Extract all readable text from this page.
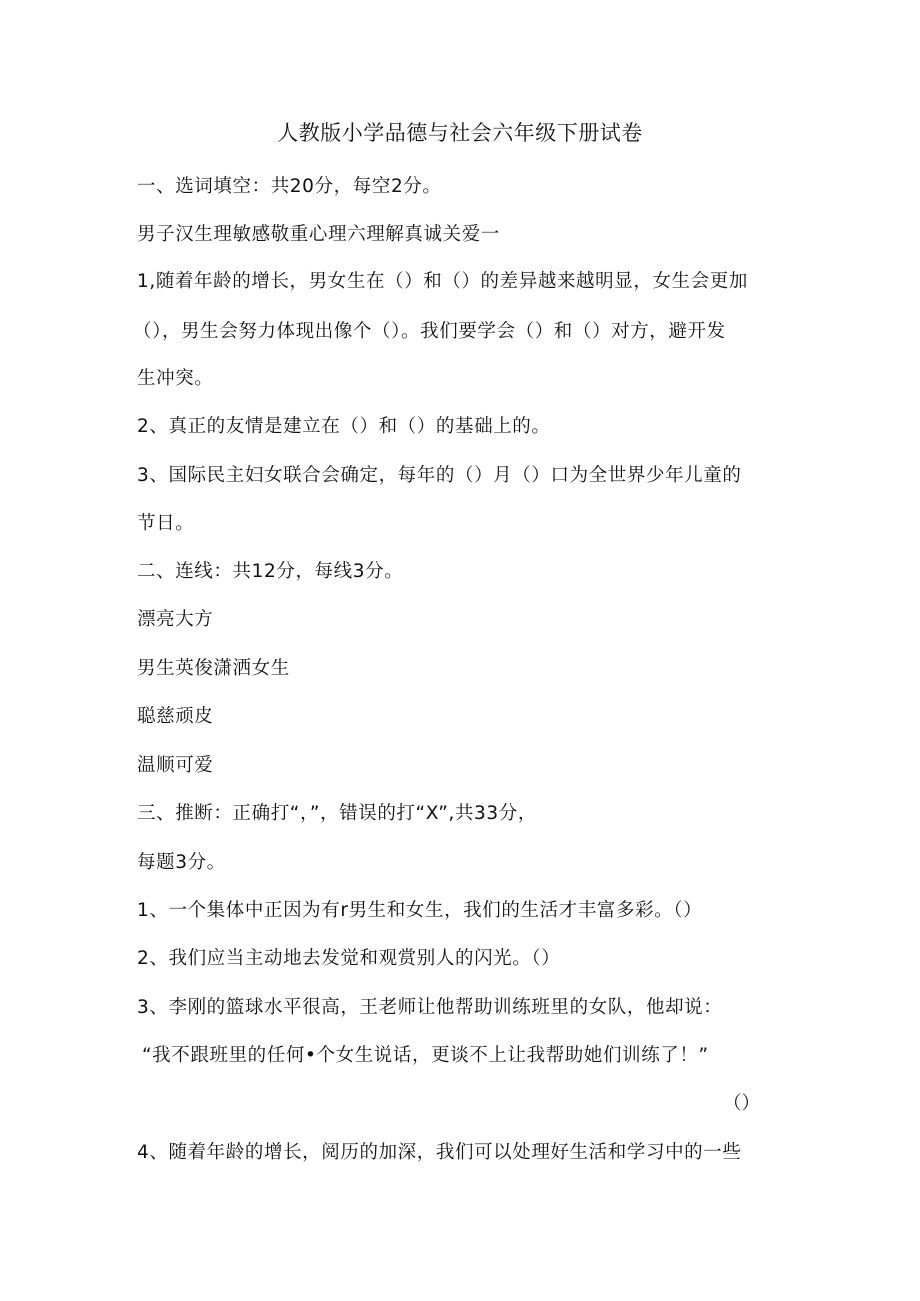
人教版小学品德与社会六年级下册试卷
一、选词填空：共20分，每空2分。
男子汉生理敏感敬重心理六理解真诚关爱一
1,随着年龄的增长，男女生在（）和（）的差异越来越明显，女生会更加
（），男生会努力体现出像个（）。我们要学会（）和（）对方，避开发
生冲突。
2、真正的友情是建立在（）和（）的基础上的。
3、国际民主妇女联合会确定，每年的（）月（）口为全世界少年儿童的
节日。
二、连线：共12分，每线3分。
漂亮大方
男生英俊潇洒女生
聪慈顽皮
温顺可爱
三、推断：正确打“，”，错误的打“X”,共33分，
每题3分。
1、一个集体中正因为有r男生和女生，我们的生活才丰富多彩。（）
2、我们应当主动地去发觉和观赏别人的闪光。（）
3、李刚的篮球水平很高，王老师让他帮助训练班里的女队，他却说：
“我不跟班里的任何•个女生说话，更谈不上让我帮助她们训练了！”
（）
4、随着年龄的增长，阅历的加深，我们可以处理好生活和学习中的一些
